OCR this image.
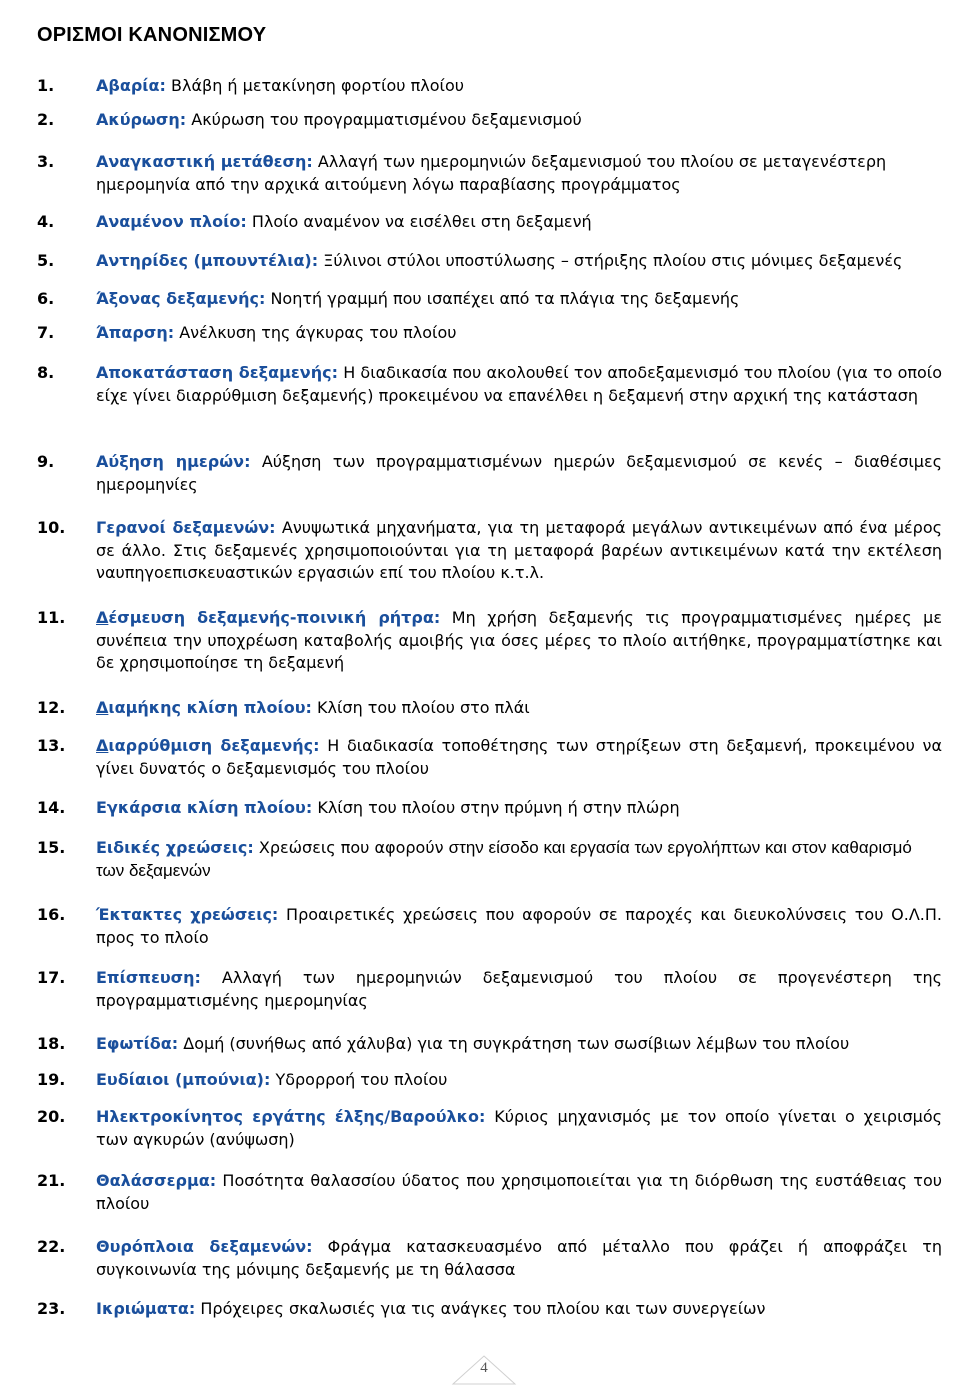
ΟΡΙΣΜΟΙ ΚΑΝΟΝΙΣΜΟΥ
1.	Αβαρία: Βλάβη ή μετακίνηση φορτίου πλοίου
2.	Ακύρωση: Ακύρωση του προγραμματισμένου δεξαμενισμού
3.	Αναγκαστική μετάθεση: Αλλαγή των ημερομηνιών δεξαμενισμού του πλοίου σε μεταγενέστερη ημερομηνία από την αρχικά αιτούμενη λόγω παραβίασης προγράμματος
4.	Αναμένον πλοίο: Πλοίο αναμένον να εισέλθει στη δεξαμενή
5.	Αντηρίδες (μπουντέλια): Ξύλινοι στύλοι υποστύλωσης – στήριξης πλοίου στις μόνιμες δεξαμενές
6.	Άξονας δεξαμενής: Νοητή γραμμή που ισαπέχει από τα πλάγια της δεξαμενής
7.	Άπαρση: Ανέλκυση της άγκυρας του πλοίου
8.	Αποκατάσταση δεξαμενής: Η διαδικασία που ακολουθεί τον αποδεξαμενισμό του πλοίου (για το οποίο είχε γίνει διαρρύθμιση δεξαμενής) προκειμένου να επανέλθει η δεξαμενή στην αρχική της κατάσταση
9.	Αύξηση ημερών: Αύξηση των προγραμματισμένων ημερών δεξαμενισμού σε κενές – διαθέσιμες ημερομηνίες
10. Γερανοί δεξαμενών: Ανυψωτικά μηχανήματα, για τη μεταφορά μεγάλων αντικειμένων από ένα μέρος σε άλλο. Στις δεξαμενές χρησιμοποιούνται για τη μεταφορά βαρέων αντικειμένων κατά την εκτέλεση ναυπηγοεπισκευαστικών εργασιών επί του πλοίου κ.τ.λ.
11. Δέσμευση δεξαμενής-ποινική ρήτρα: Μη χρήση δεξαμενής τις προγραμματισμένες ημέρες με συνέπεια την υποχρέωση καταβολής αμοιβής για όσες μέρες το πλοίο αιτήθηκε, προγραμματίστηκε και δε χρησιμοποίησε τη δεξαμενή
12. Διαμήκης κλίση πλοίου: Κλίση του πλοίου στο πλάι
13. Διαρρύθμιση δεξαμενής: Η διαδικασία τοποθέτησης των στηρίξεων στη δεξαμενή, προκειμένου να γίνει δυνατός ο δεξαμενισμός του πλοίου
14. Εγκάρσια κλίση πλοίου: Κλίση του πλοίου στην πρύμνη ή στην πλώρη
15. Ειδικές χρεώσεις: Χρεώσεις που αφορούν στην είσοδο και εργασία των εργολήπτων και στον καθαρισμό των δεξαμενών
16. Έκτακτες χρεώσεις: Προαιρετικές χρεώσεις που αφορούν σε παροχές και διευκολύνσεις του Ο.Λ.Π. προς το πλοίο
17. Επίσπευση: Αλλαγή των ημερομηνιών δεξαμενισμού του πλοίου σε προγενέστερη της προγραμματισμένης ημερομηνίας
18. Εφωτίδα: Δομή (συνήθως από χάλυβα) για τη συγκράτηση των σωσίβιων λέμβων του πλοίου
19. Ευδίαιοι (μπούνια): Υδρορροή του πλοίου
20. Ηλεκτροκίνητος εργάτης έλξης/Βαρούλκο: Κύριος μηχανισμός με τον οποίο γίνεται ο χειρισμός των αγκυρών (ανύψωση)
21. Θαλάσσερμα: Ποσότητα θαλασσίου ύδατος που χρησιμοποιείται για τη διόρθωση της ευστάθειας του πλοίου
22. Θυρόπλοια δεξαμενών: Φράγμα κατασκευασμένο από μέταλλο που φράζει ή αποφράζει τη συγκοινωνία της μόνιμης δεξαμενής με τη θάλασσα
23. Ικριώματα: Πρόχειρες σκαλωσιές για τις ανάγκες του πλοίου και των συνεργείων
4
